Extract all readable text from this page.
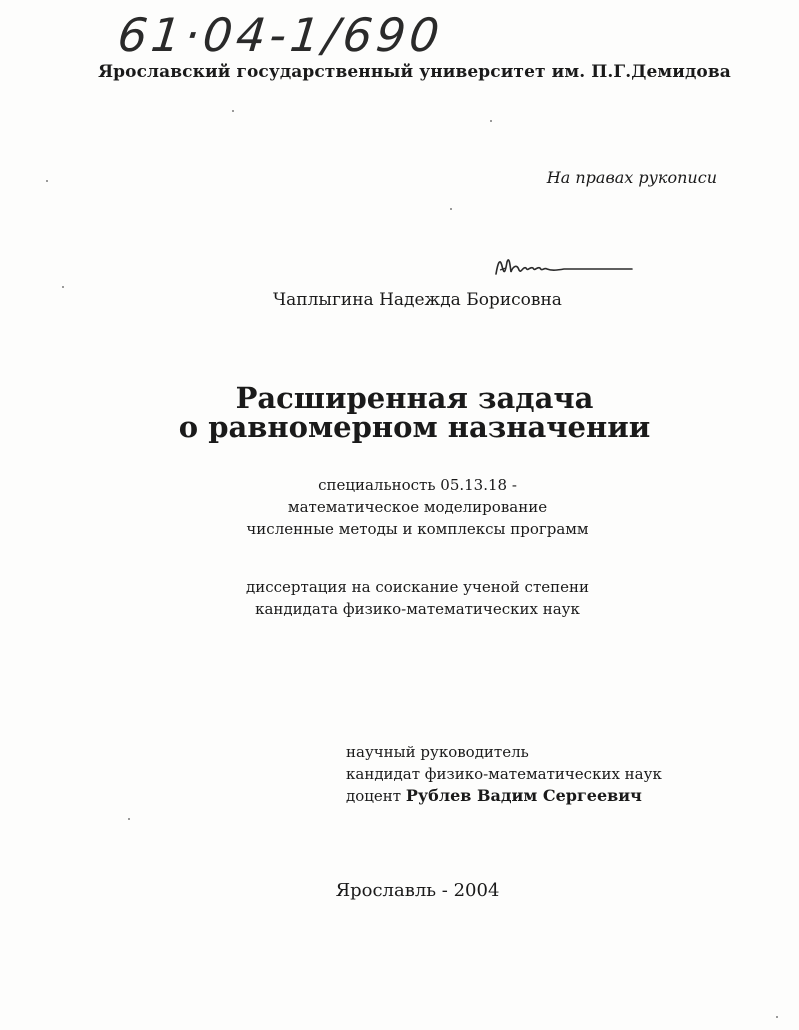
61·04-1/690
Ярославский государственный университет им. П.Г.Демидова
На правах рукописи
Чаплыгина Надежда Борисовна
Расширенная задача
о равномерном назначении
специальность 05.13.18 -
математическое моделирование
численные методы и комплексы программ
диссертация на соискание ученой степени
кандидата физико-математических наук
научный руководитель
кандидат физико-математических наук
доцент Рублев Вадим Сергеевич
Ярославль - 2004
